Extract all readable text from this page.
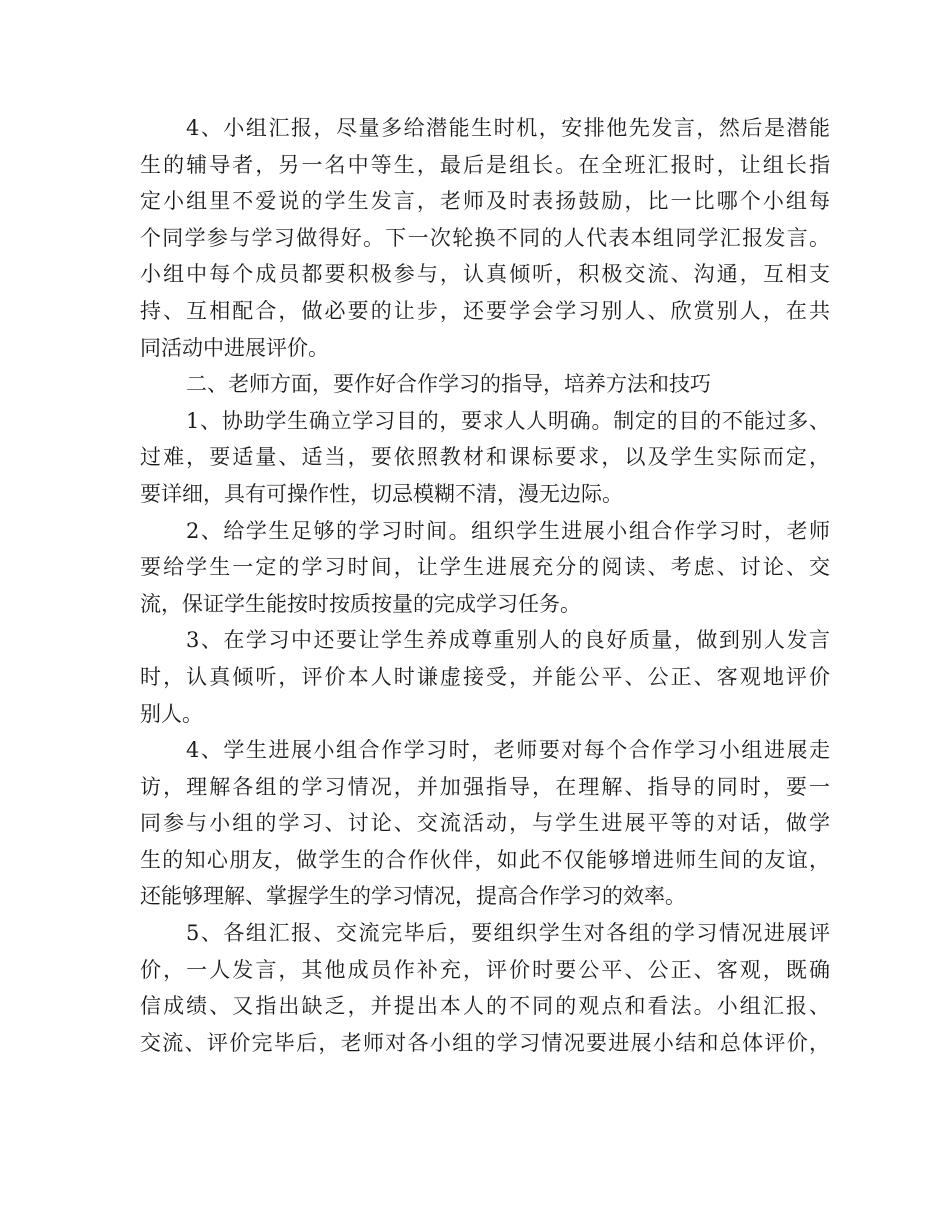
4、小组汇报，尽量多给潜能生时机，安排他先发言，然后是潜能
生的辅导者，另一名中等生，最后是组长。在全班汇报时，让组长指
定小组里不爱说的学生发言，老师及时表扬鼓励，比一比哪个小组每
个同学参与学习做得好。下一次轮换不同的人代表本组同学汇报发言。
小组中每个成员都要积极参与，认真倾听，积极交流、沟通，互相支
持、互相配合，做必要的让步，还要学会学习别人、欣赏别人，在共
同活动中进展评价。
二、老师方面，要作好合作学习的指导，培养方法和技巧
1、协助学生确立学习目的，要求人人明确。制定的目的不能过多、
过难，要适量、适当，要依照教材和课标要求，以及学生实际而定，
要详细，具有可操作性，切忌模糊不清，漫无边际。
2、给学生足够的学习时间。组织学生进展小组合作学习时，老师
要给学生一定的学习时间，让学生进展充分的阅读、考虑、讨论、交
流，保证学生能按时按质按量的完成学习任务。
3、在学习中还要让学生养成尊重别人的良好质量，做到别人发言
时，认真倾听，评价本人时谦虚接受，并能公平、公正、客观地评价
别人。
4、学生进展小组合作学习时，老师要对每个合作学习小组进展走
访，理解各组的学习情况，并加强指导，在理解、指导的同时，要一
同参与小组的学习、讨论、交流活动，与学生进展平等的对话，做学
生的知心朋友，做学生的合作伙伴，如此不仅能够增进师生间的友谊，
还能够理解、掌握学生的学习情况，提高合作学习的效率。
5、各组汇报、交流完毕后，要组织学生对各组的学习情况进展评
价，一人发言，其他成员作补充，评价时要公平、公正、客观，既确
信成绩、又指出缺乏，并提出本人的不同的观点和看法。小组汇报、
交流、评价完毕后，老师对各小组的学习情况要进展小结和总体评价，
